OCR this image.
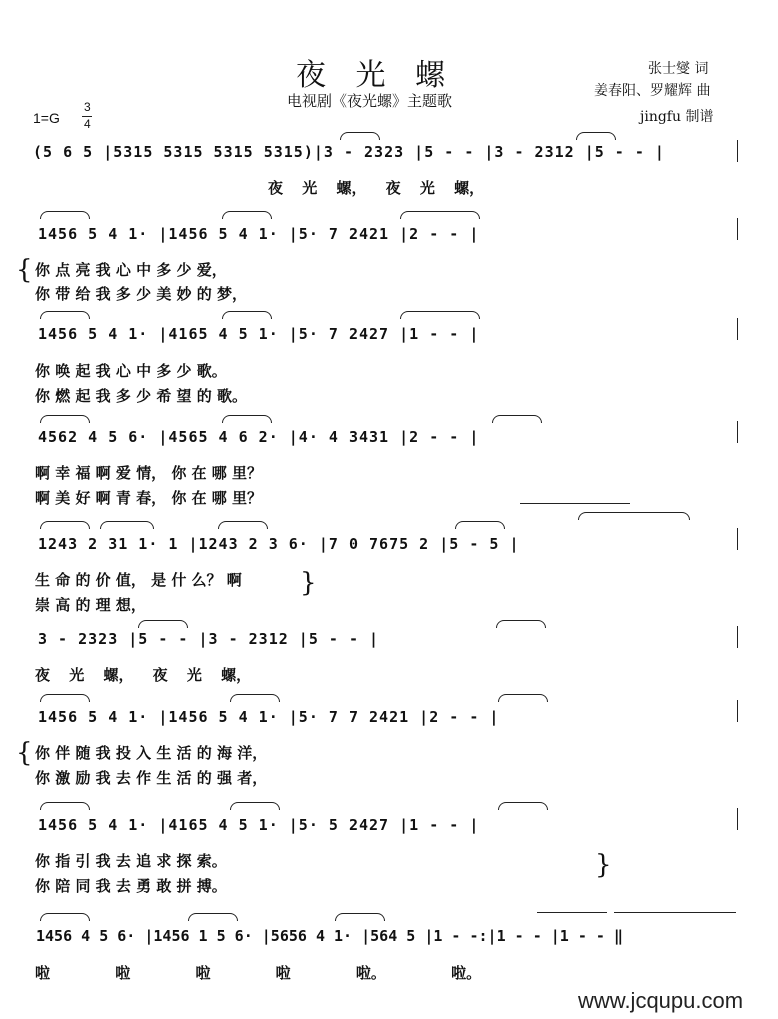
夜 光 螺
电视剧《夜光螺》主题歌
张士燮 词
姜春阳、罗耀辉 曲
jingfu 制谱
1=G
3
4
(5 6 5 |5315 5315 5315 5315)|3 - 2323 |5 - - |3 - 2312 |5 - - |
夜 光 螺， 夜 光 螺，
1456 5 4 1· |1456 5 4 1· |5· 7 2421 |2 - - |
{ 你 点 亮 我 心 中 多 少 爱，
你 带 给 我 多 少 美 妙 的 梦，
1456 5 4 1· |4165 4 5 1· |5· 7 2427 |1 - - |
你 唤 起 我 心 中 多 少 歌。
你 燃 起 我 多 少 希 望 的 歌。
4562 4 5 6· |4565 4 6 2· |4· 4 3431 |2 - - |
啊 幸 福 啊 爱 情， 你 在 哪 里？
啊 美 好 啊 青 春， 你 在 哪 里？
1243 2 31 1· 1 |1243 2 3 6· |7 0 7675 2 |5 - 5 |
生 命 的 价 值， 是 什 么？ 啊
崇 高 的 理 想，
}
3 - 2323 |5 - - |3 - 2312 |5 - - |
夜 光 螺， 夜 光 螺，
1456 5 4 1· |1456 5 4 1· |5· 7 7 2421 |2 - - |
{ 你 伴 随 我 投 入 生 活 的 海 洋，
你 激 励 我 去 作 生 活 的 强 者，
1456 5 4 1· |4165 4 5 1· |5· 5 2427 |1 - - |
你 指 引 我 去 追 求 探 索。
你 陪 同 我 去 勇 敢 拼 搏。
}
1456 4 5 6· |1456 1 5 6· |5656 4 1· |564 5 |1 - -:|1 - - |1 - - ‖
啦 啦 啦 啦 啦。 啦。
www.jcqupu.com
